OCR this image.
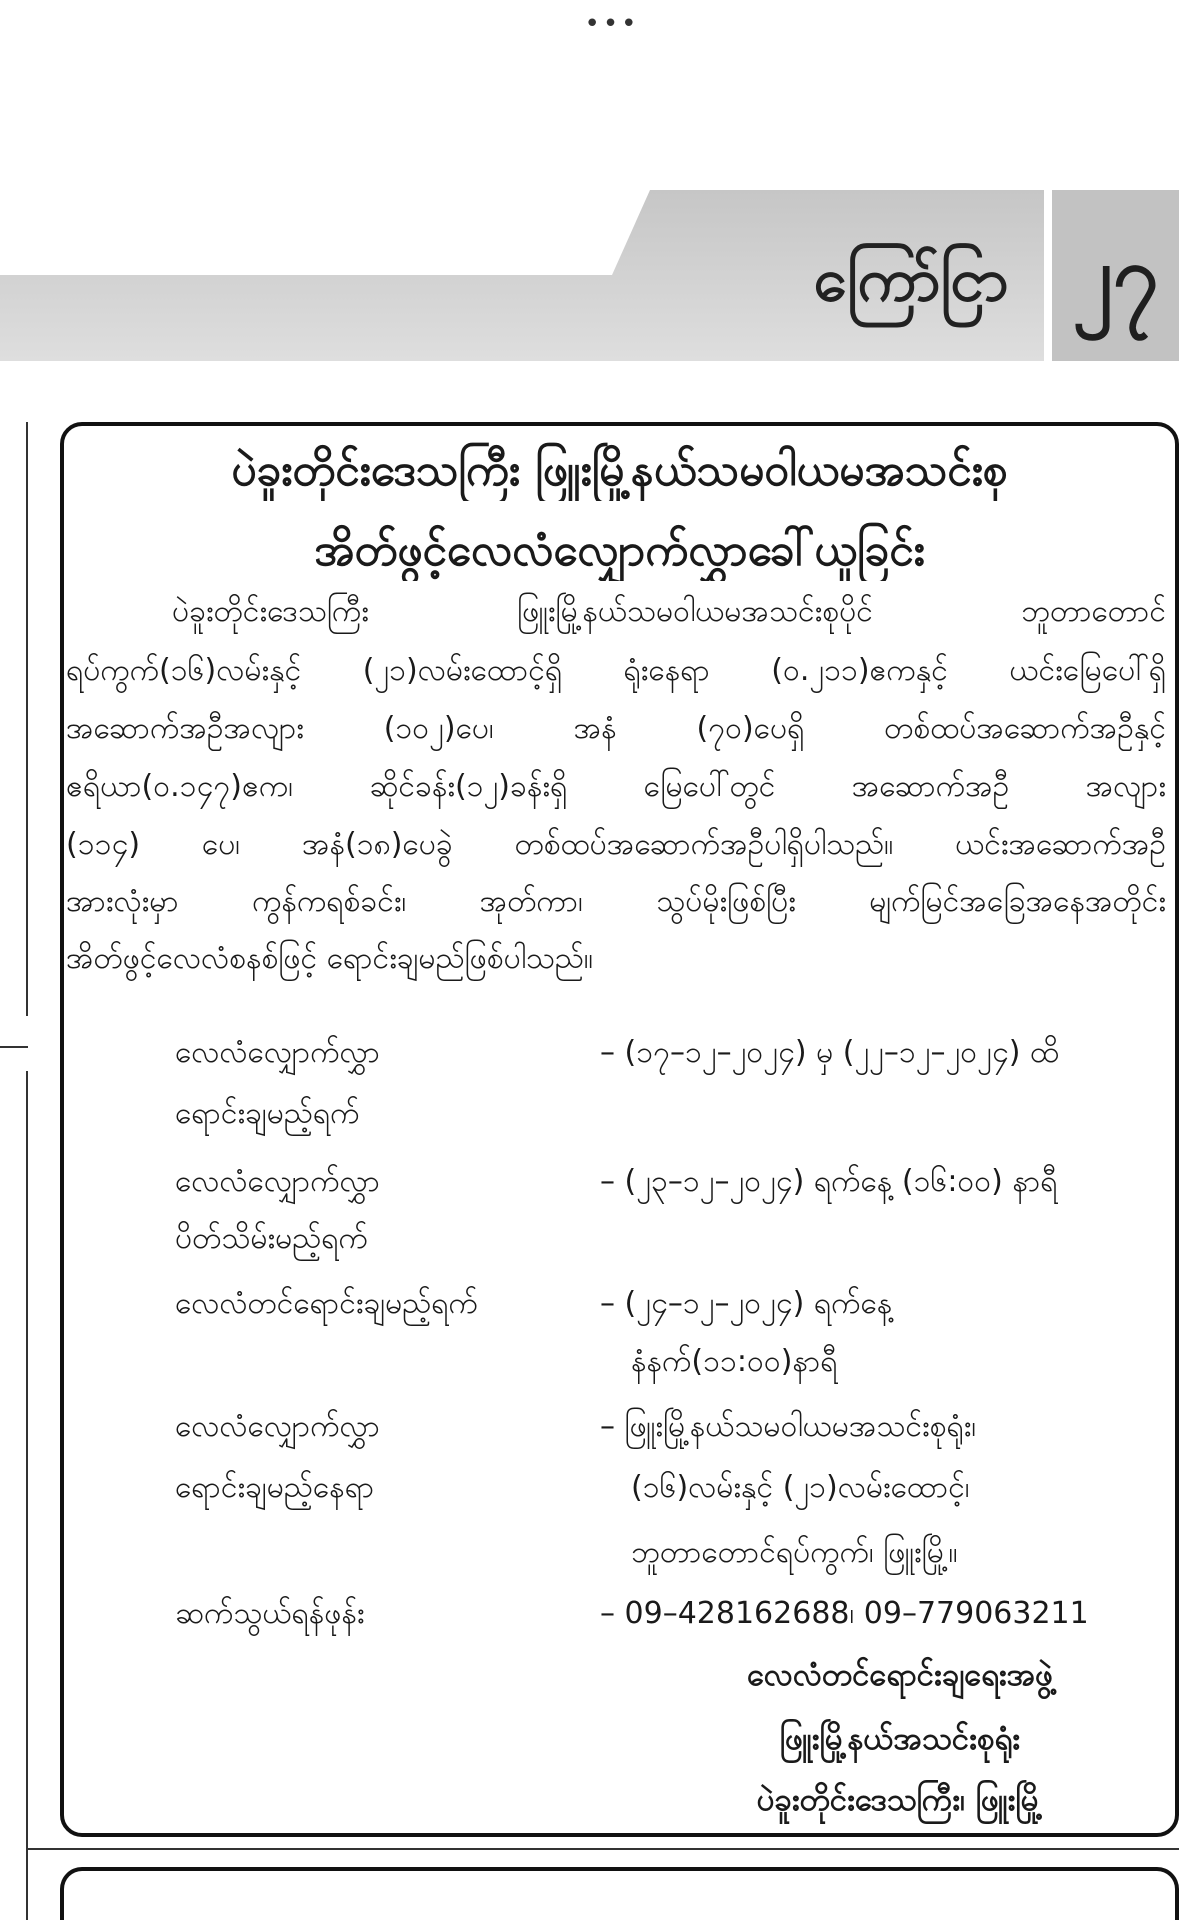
•••
ကြော်ငြာ ၂၇
ပဲခူးတိုင်းဒေသကြီး ဖြူးမြို့နယ်သမဝါယမအသင်းစု
အိတ်ဖွင့်လေလံလျှောက်လွှာခေါ်ယူခြင်း
ပဲခူးတိုင်းဒေသကြီး ဖြူးမြို့နယ်သမဝါယမအသင်းစုပိုင် ဘူတာတောင်
ရပ်ကွက်(၁၆)လမ်းနှင့် (၂၁)လမ်းထောင့်ရှိ ရုံးနေရာ (၀.၂၁၁)ဧကနှင့် ယင်းမြေပေါ်ရှိ
အဆောက်အဦအလျား (၁၀၂)ပေ၊ အနံ (၇၀)ပေရှိ တစ်ထပ်အဆောက်အဦနှင့်
ဧရိယာ(၀.၁၄၇)ဧက၊ ဆိုင်ခန်း(၁၂)ခန်းရှိ မြေပေါ်တွင် အဆောက်အဦ အလျား
(၁၁၄) ပေ၊ အနံ(၁၈)ပေခွဲ တစ်ထပ်အဆောက်အဦပါရှိပါသည်။ ယင်းအဆောက်အဦ
အားလုံးမှာ ကွန်ကရစ်ခင်း၊ အုတ်ကာ၊ သွပ်မိုးဖြစ်ပြီး မျက်မြင်အခြေအနေအတိုင်း
အိတ်ဖွင့်လေလံစနစ်ဖြင့် ရောင်းချမည်ဖြစ်ပါသည်။
လေလံလျှောက်လွှာ
ရောင်းချမည့်ရက်
– (၁၇–၁၂–၂၀၂၄) မှ (၂၂–၁၂–၂၀၂၄) ထိ
လေလံလျှောက်လွှာ
ပိတ်သိမ်းမည့်ရက်
– (၂၃–၁၂–၂၀၂၄) ရက်နေ့ (၁၆:၀၀) နာရီ
လေလံတင်ရောင်းချမည့်ရက်	– (၂၄–၁၂–၂၀၂၄) ရက်နေ့
နံနက်(၁၁:၀၀)နာရီ
လေလံလျှောက်လွှာ
ရောင်းချမည့်နေရာ
– ဖြူးမြို့နယ်သမဝါယမအသင်းစုရုံး၊
(၁၆)လမ်းနှင့် (၂၁)လမ်းထောင့်၊
ဘူတာတောင်ရပ်ကွက်၊ ဖြူးမြို့။
ဆက်သွယ်ရန်ဖုန်း	– 09–428162688၊ 09–779063211
လေလံတင်ရောင်းချရေးအဖွဲ့
ဖြူးမြို့နယ်အသင်းစုရုံး
ပဲခူးတိုင်းဒေသကြီး၊ ဖြူးမြို့
